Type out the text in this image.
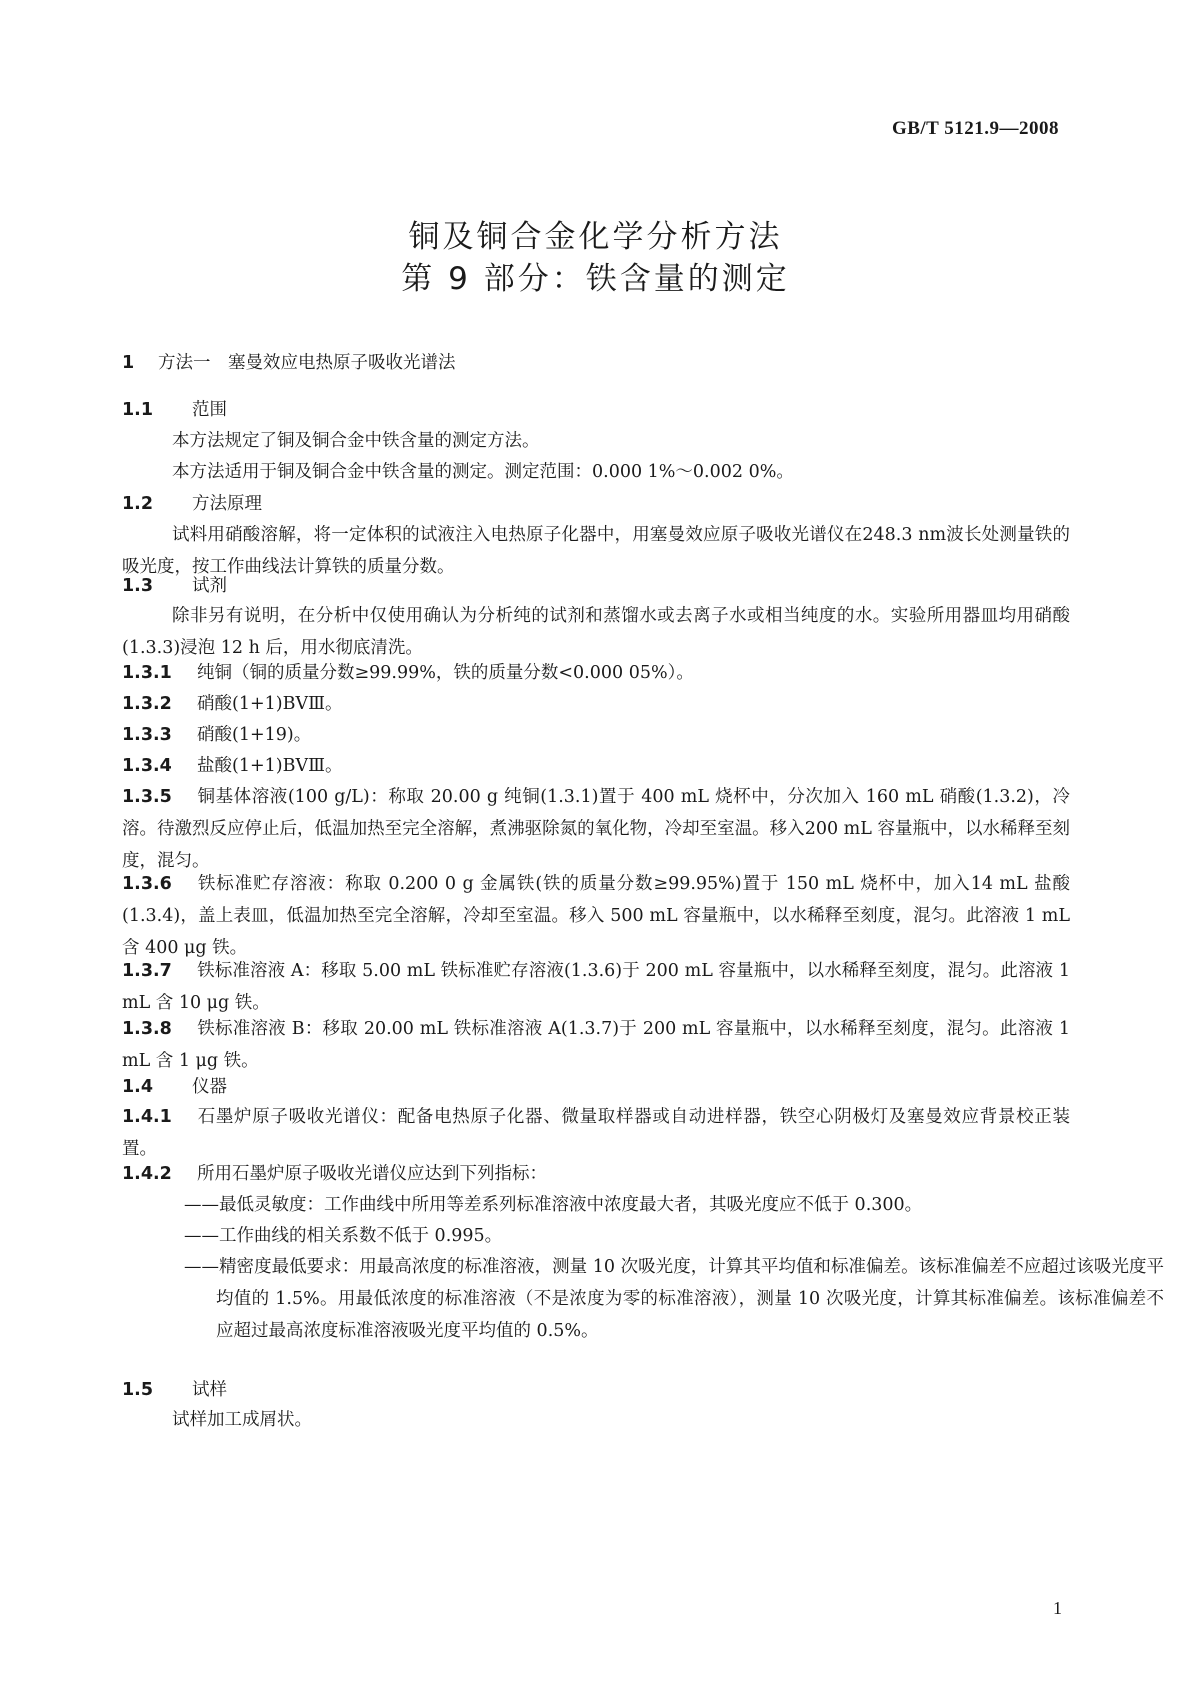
GB/T 5121.9—2008
铜及铜合金化学分析方法
第 9 部分：铁含量的测定
1 方法一　塞曼效应电热原子吸收光谱法
1.1 范围

本方法规定了铜及铜合金中铁含量的测定方法。

本方法适用于铜及铜合金中铁含量的测定。测定范围：0.000 1%～0.002 0%。

1.2 方法原理

试料用硝酸溶解，将一定体积的试液注入电热原子化器中，用塞曼效应原子吸收光谱仪在248.3 nm波长处测量铁的吸光度，按工作曲线法计算铁的质量分数。

1.3 试剂

除非另有说明，在分析中仅使用确认为分析纯的试剂和蒸馏水或去离子水或相当纯度的水。实验所用器皿均用硝酸(1.3.3)浸泡 12 h 后，用水彻底清洗。

1.3.1 纯铜（铜的质量分数≥99.99%，铁的质量分数<0.000 05%）。
1.3.2 硝酸(1+1)BVⅢ。
1.3.3 硝酸(1+19)。
1.3.4 盐酸(1+1)BVⅢ。

1.3.5 铜基体溶液(100 g/L)：称取 20.00 g 纯铜(1.3.1)置于 400 mL 烧杯中，分次加入 160 mL 硝酸(1.3.2)，冷溶。待激烈反应停止后，低温加热至完全溶解，煮沸驱除氮的氧化物，冷却至室温。移入200 mL 容量瓶中，以水稀释至刻度，混匀。

1.3.6 铁标准贮存溶液：称取 0.200 0 g 金属铁(铁的质量分数≥99.95%)置于 150 mL 烧杯中，加入14 mL 盐酸(1.3.4)，盖上表皿，低温加热至完全溶解，冷却至室温。移入 500 mL 容量瓶中，以水稀释至刻度，混匀。此溶液 1 mL 含 400 μg 铁。

1.3.7 铁标准溶液 A：移取 5.00 mL 铁标准贮存溶液(1.3.6)于 200 mL 容量瓶中，以水稀释至刻度，混匀。此溶液 1 mL 含 10 μg 铁。

1.3.8 铁标准溶液 B：移取 20.00 mL 铁标准溶液 A(1.3.7)于 200 mL 容量瓶中，以水稀释至刻度，混匀。此溶液 1 mL 含 1 μg 铁。

1.4 仪器

1.4.1 石墨炉原子吸收光谱仪：配备电热原子化器、微量取样器或自动进样器，铁空心阴极灯及塞曼效应背景校正装置。

1.4.2 所用石墨炉原子吸收光谱仪应达到下列指标：
——最低灵敏度：工作曲线中所用等差系列标准溶液中浓度最大者，其吸光度应不低于 0.300。
——工作曲线的相关系数不低于 0.995。
——精密度最低要求：用最高浓度的标准溶液，测量 10 次吸光度，计算其平均值和标准偏差。该标准偏差不应超过该吸光度平均值的 1.5%。用最低浓度的标准溶液（不是浓度为零的标准溶液），测量 10 次吸光度，计算其标准偏差。该标准偏差不应超过最高浓度标准溶液吸光度平均值的 0.5%。
1.5 试样

试样加工成屑状。

1
